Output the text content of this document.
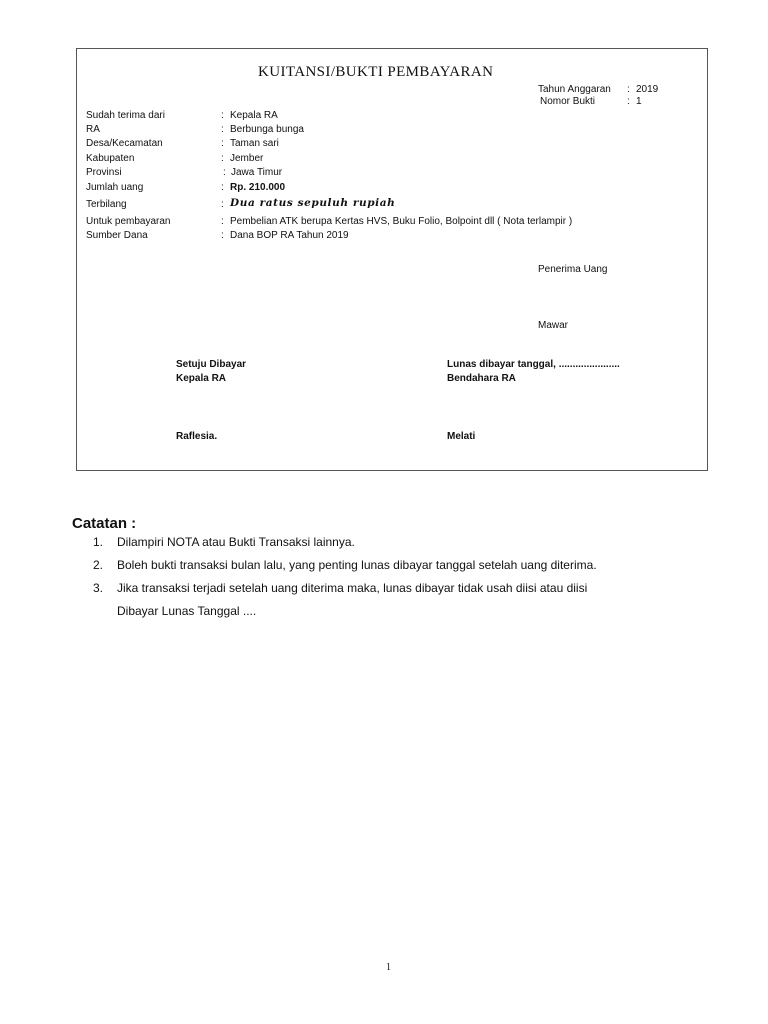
KUITANSI/BUKTI PEMBAYARAN
Tahun Anggaran : 2019
Nomor Bukti	: 1
Sudah terima dari	: Kepala RA
RA	: Berbunga bunga
Desa/Kecamatan	: Taman sari
Kabupaten	: Jember
Provinsi	: Jawa Timur
Jumlah uang	: Rp. 210.000
Terbilang	: Dua ratus sepuluh rupiah
Untuk pembayaran	: Pembelian ATK berupa Kertas HVS, Buku Folio, Bolpoint dll ( Nota terlampir )
Sumber Dana	: Dana BOP RA Tahun 2019
Penerima Uang
Mawar
Setuju Dibayar
Kepala RA
Raflesia.
Lunas dibayar tanggal, ......................
Bendahara RA
Melati
Catatan :
1. Dilampiri NOTA atau Bukti Transaksi lainnya.
2. Boleh bukti transaksi bulan lalu, yang penting lunas dibayar tanggal setelah uang diterima.
3. Jika transaksi terjadi setelah uang diterima maka, lunas dibayar tidak usah diisi atau diisi
Dibayar Lunas Tanggal ....
1
